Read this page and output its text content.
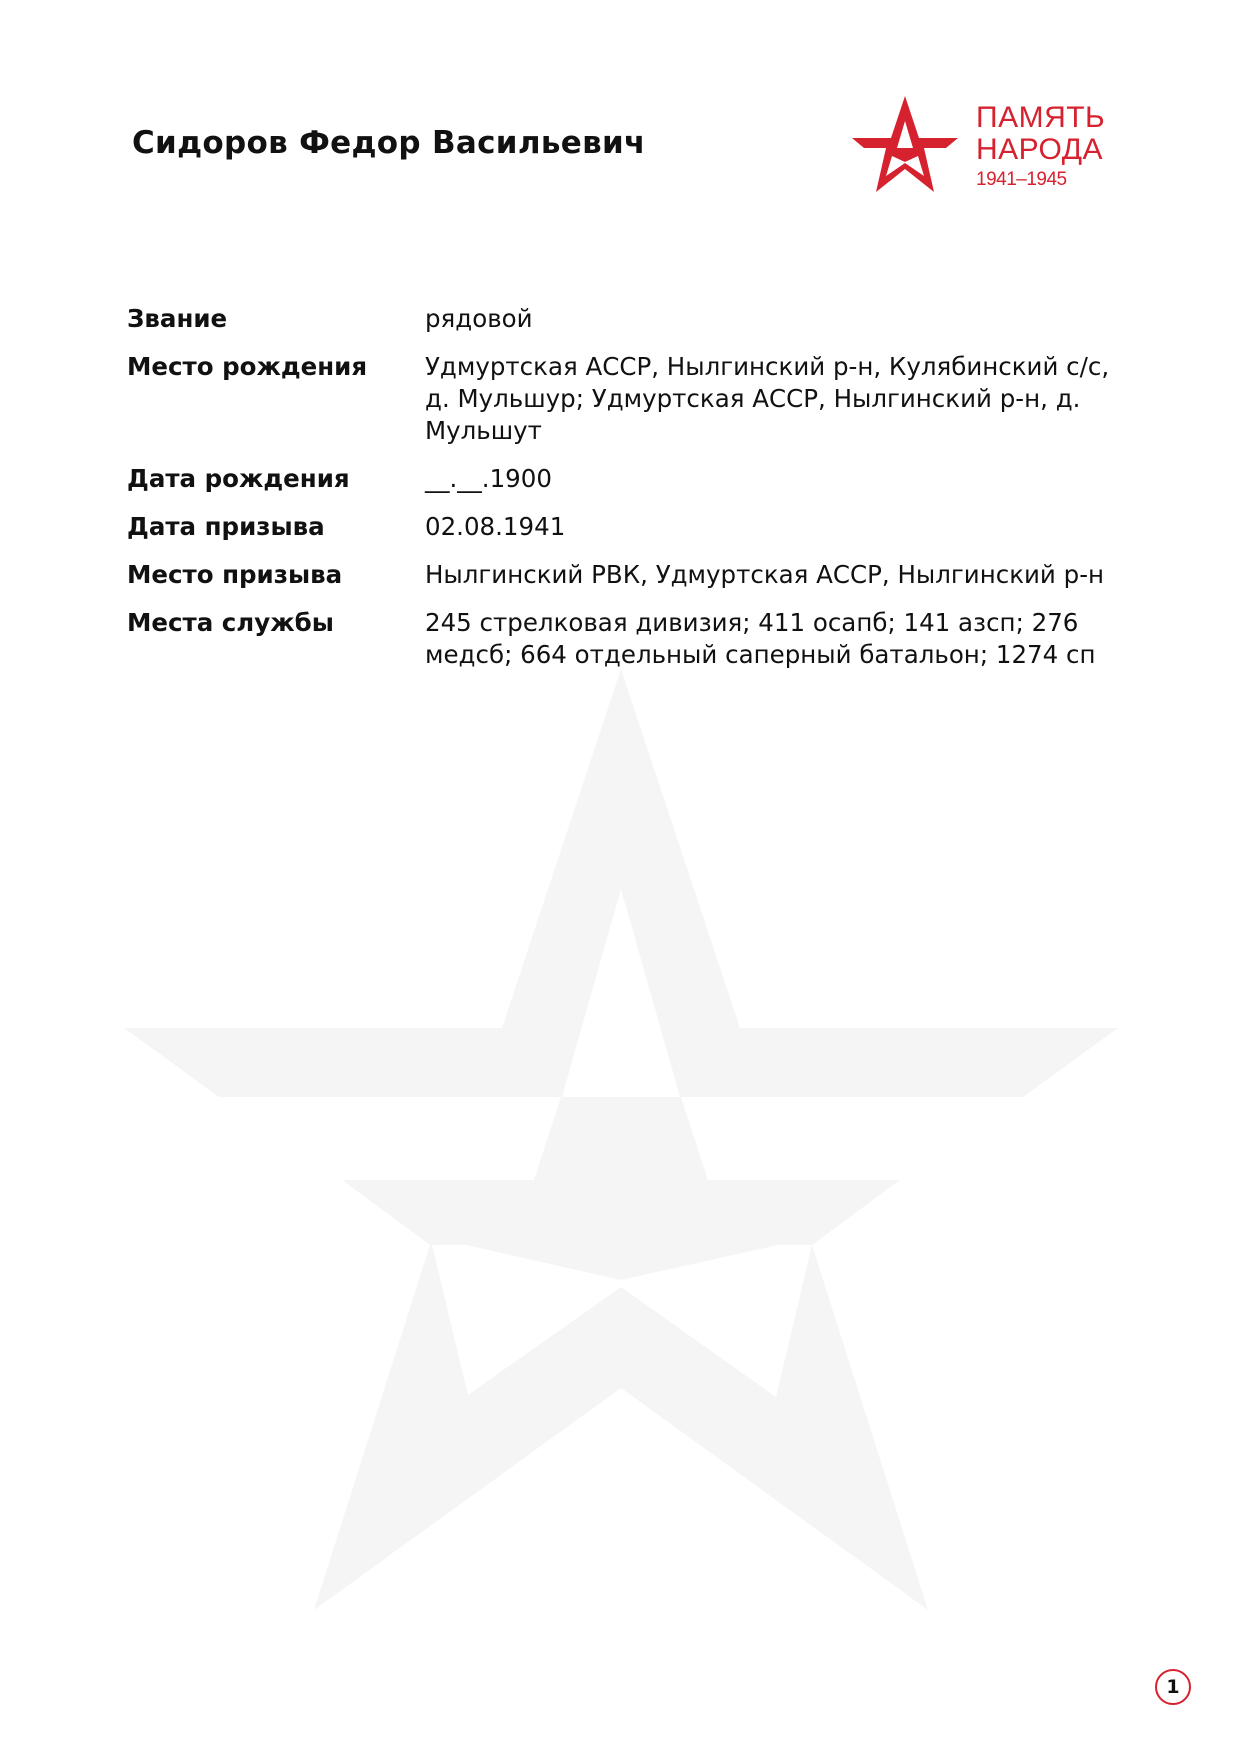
Сидоров Федор Васильевич
ПАМЯТЬ
НАРОДА
1941–1945
Звание	рядовой
Место рождения	Удмуртская АССР, Нылгинский р-н, Кулябинский с/с, д. Мульшур; Удмуртская АССР, Нылгинский р-н, д. Мульшут
Дата рождения	__.__.1900
Дата призыва	02.08.1941
Место призыва	Нылгинский РВК, Удмуртская АССР, Нылгинский р-н
Места службы	245 стрелковая дивизия; 411 осапб; 141 азсп; 276 медсб; 664 отдельный саперный батальон; 1274 сп
1
